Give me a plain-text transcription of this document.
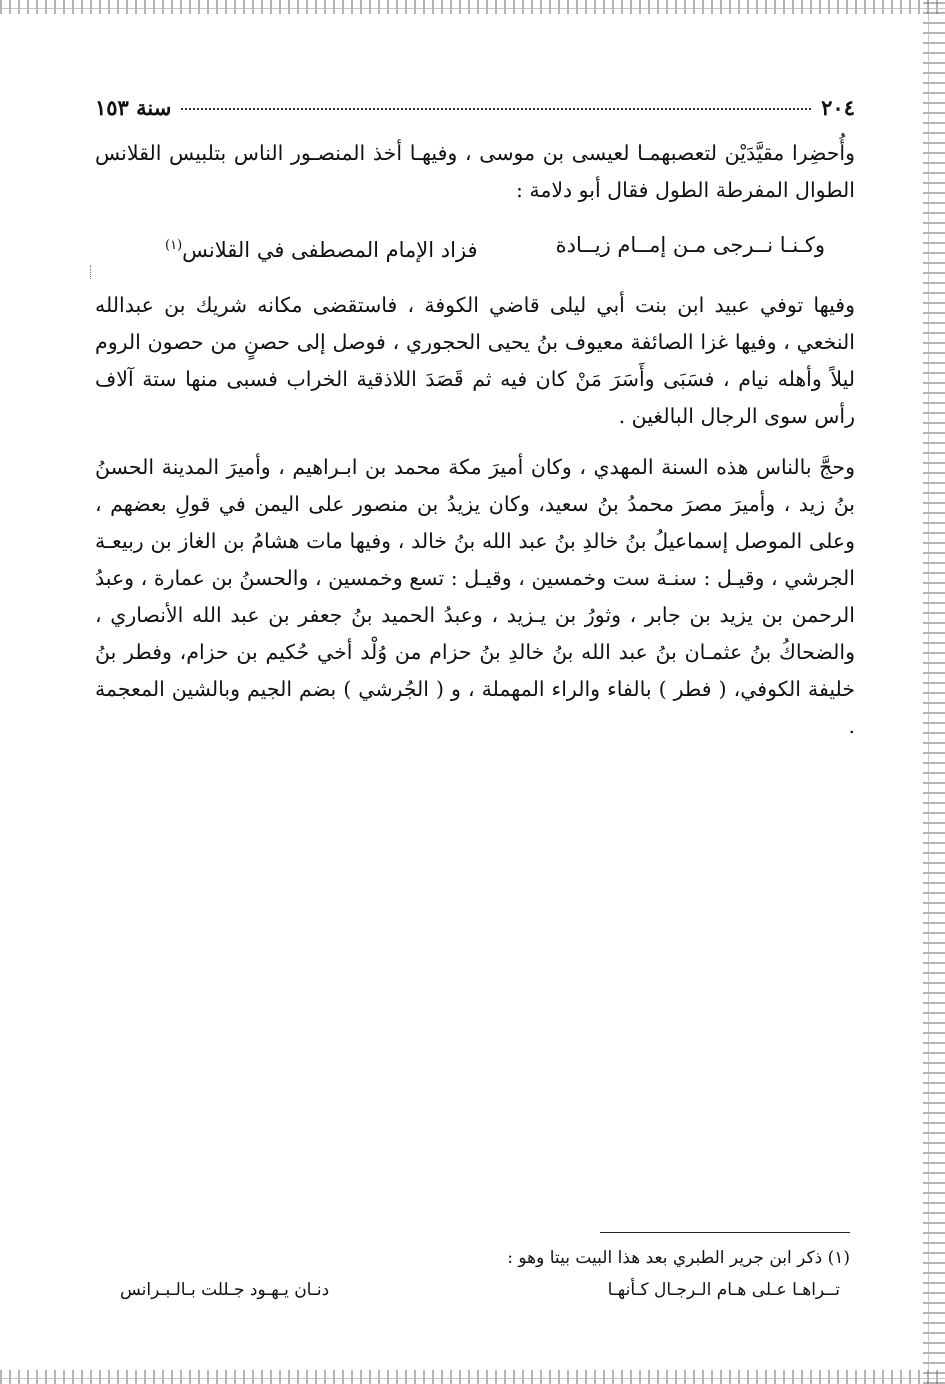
٢٠٤
سنة ١٥٣

وأُحضِرا مقيَّدَيْن لتعصبهمـا لعيسى بن موسى ، وفيهـا أخذ المنصـور الناس بتلبيس القلانس الطوال المفرطة الطول فقال أبو دلامة :

وكـنـا نــرجى مـن إمــام زيــادة
فزاد الإمام المصطفى في القلانس$^{(١)}$

وفيها توفي عبيد ابن بنت أبي ليلى قاضي الكوفة ، فاستقضى مكانه شريك بن عبدالله النخعي ، وفيها غزا الصائفة معيوف بنُ يحيى الحجوري ، فوصل إلى حصنٍ من حصون الروم ليلاً وأهله نيام ، فسَبَى وأَسَرَ مَنْ كان فيه ثم قَصَدَ اللاذقية الخراب فسبى منها ستة آلاف رأس سوى الرجال البالغين .

وحجَّ بالناس هذه السنة المهدي ، وكان أميرَ مكة محمد بن ابـراهيم ، وأميرَ المدينة الحسنُ بنُ زيد ، وأميرَ مصرَ محمدُ بنُ سعيد، وكان يزيدُ بن منصور على اليمن في قولِ بعضهم ، وعلى الموصل إسماعيلُ بنُ خالدِ بنُ عبد الله بنُ خالد ، وفيها مات هشامُ بن الغاز بن ربيعـة الجرشي ، وقيـل : سنـة ست وخمسين ، وقيـل : تسع وخمسين ، والحسنُ بن عمارة ، وعبدُ الرحمن بن يزيد بن جابر ، وثورُ بن يـزيد ، وعبدُ الحميد بنُ جعفر بن عبد الله الأنصاري ، والضحاكُ بنُ عثمـان بنُ عبد الله بنُ خالدِ بنُ حزام من وُلْد أخي حُكيم بن حزام، وفطر بنُ خليفة الكوفي، ( فطر ) بالفاء والراء المهملة ، و ( الجُرشي ) بضم الجيم وبالشين المعجمة .

(١) ذكر ابن جرير الطبري بعد هذا البيت بيتا وهو :
تــراهـا عـلى هـام الـرجـال كـأنهـا
دنـان يـهـود جـللت بـالـبـرانس
